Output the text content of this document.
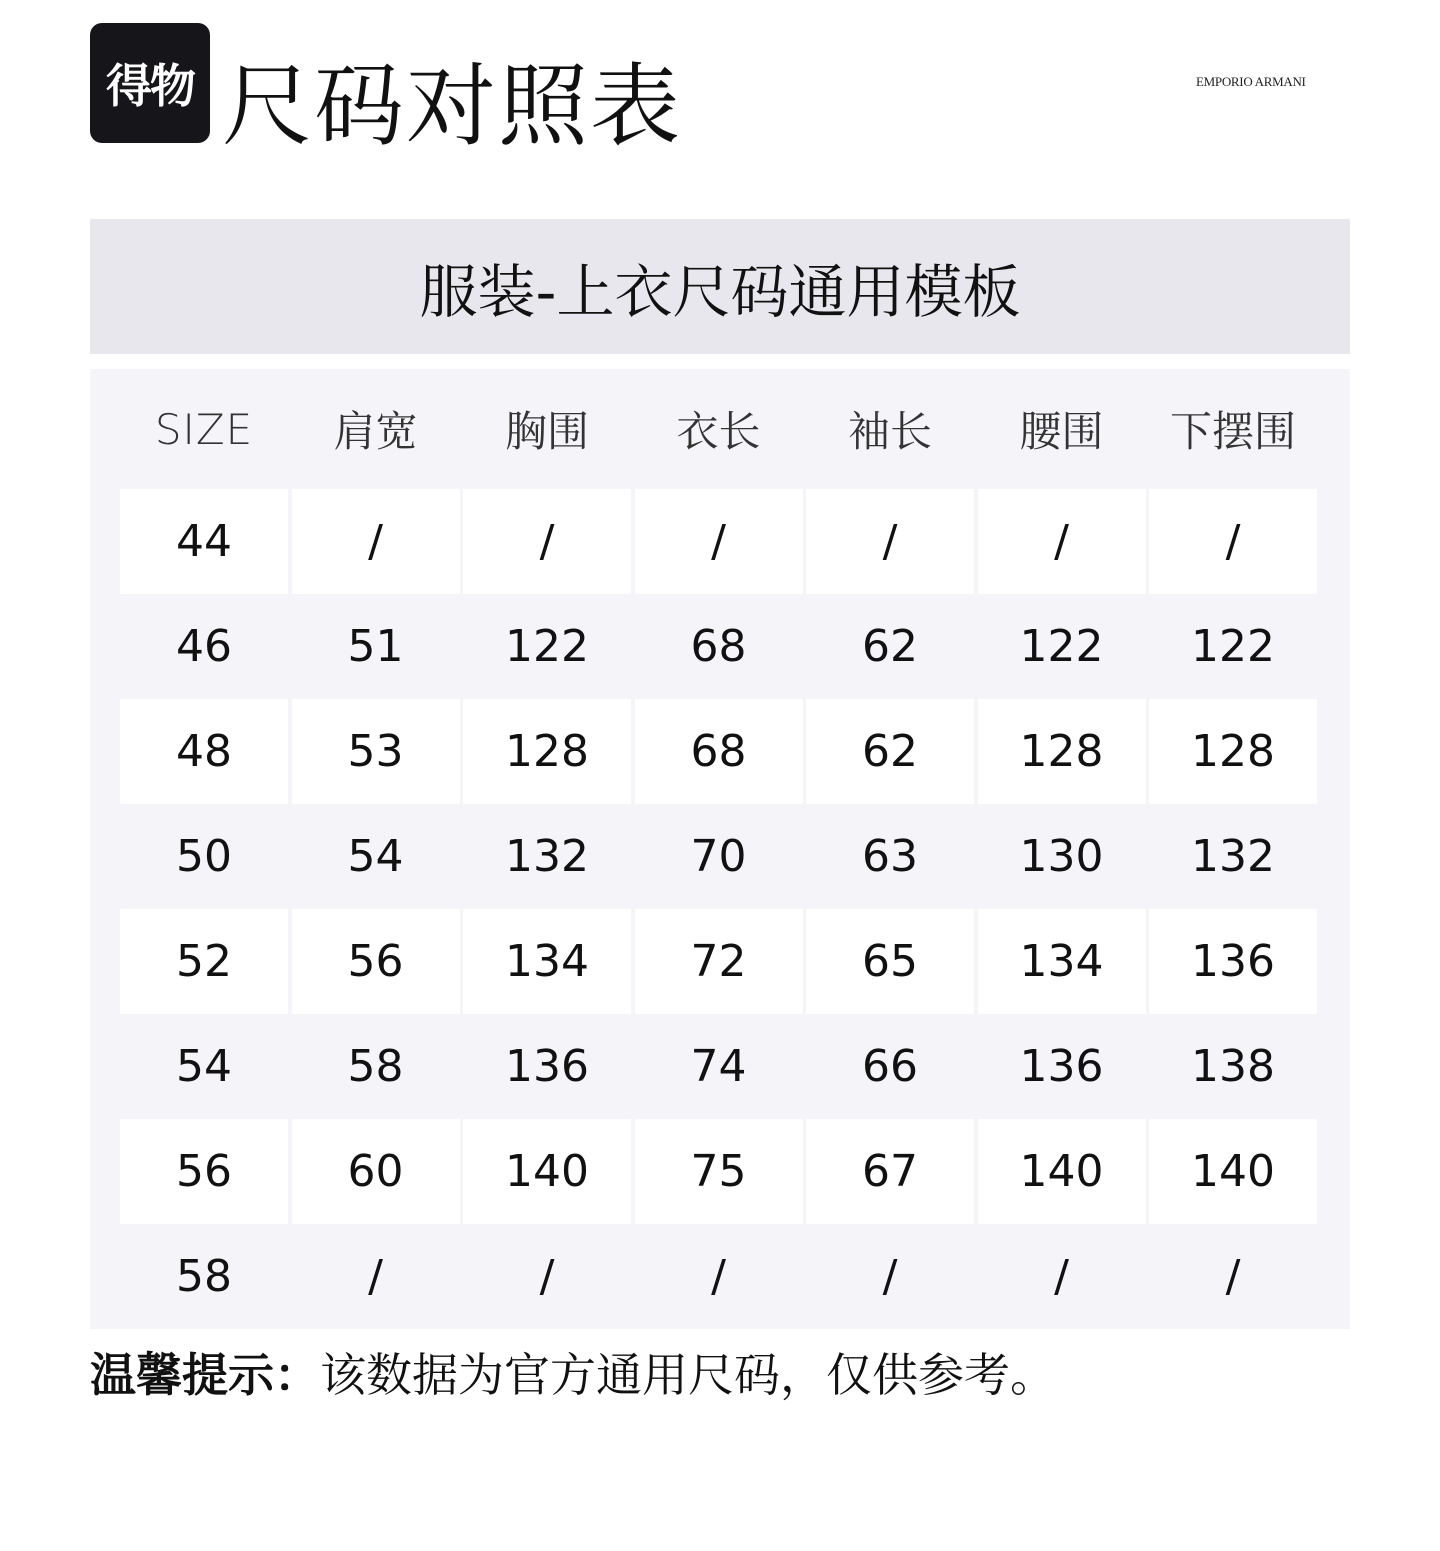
得物 尺码对照表	EMPORIO ARMANI
服装-上衣尺码通用模板
SIZE	肩宽	胸围	衣长	袖长	腰围	下摆围
44	/	/	/	/	/	/
46	51	122	68	62	122	122
48	53	128	68	62	128	128
50	54	132	70	63	130	132
52	56	134	72	65	134	136
54	58	136	74	66	136	138
56	60	140	75	67	140	140
58	/	/	/	/	/	/
温馨提示：该数据为官方通用尺码，仅供参考。
